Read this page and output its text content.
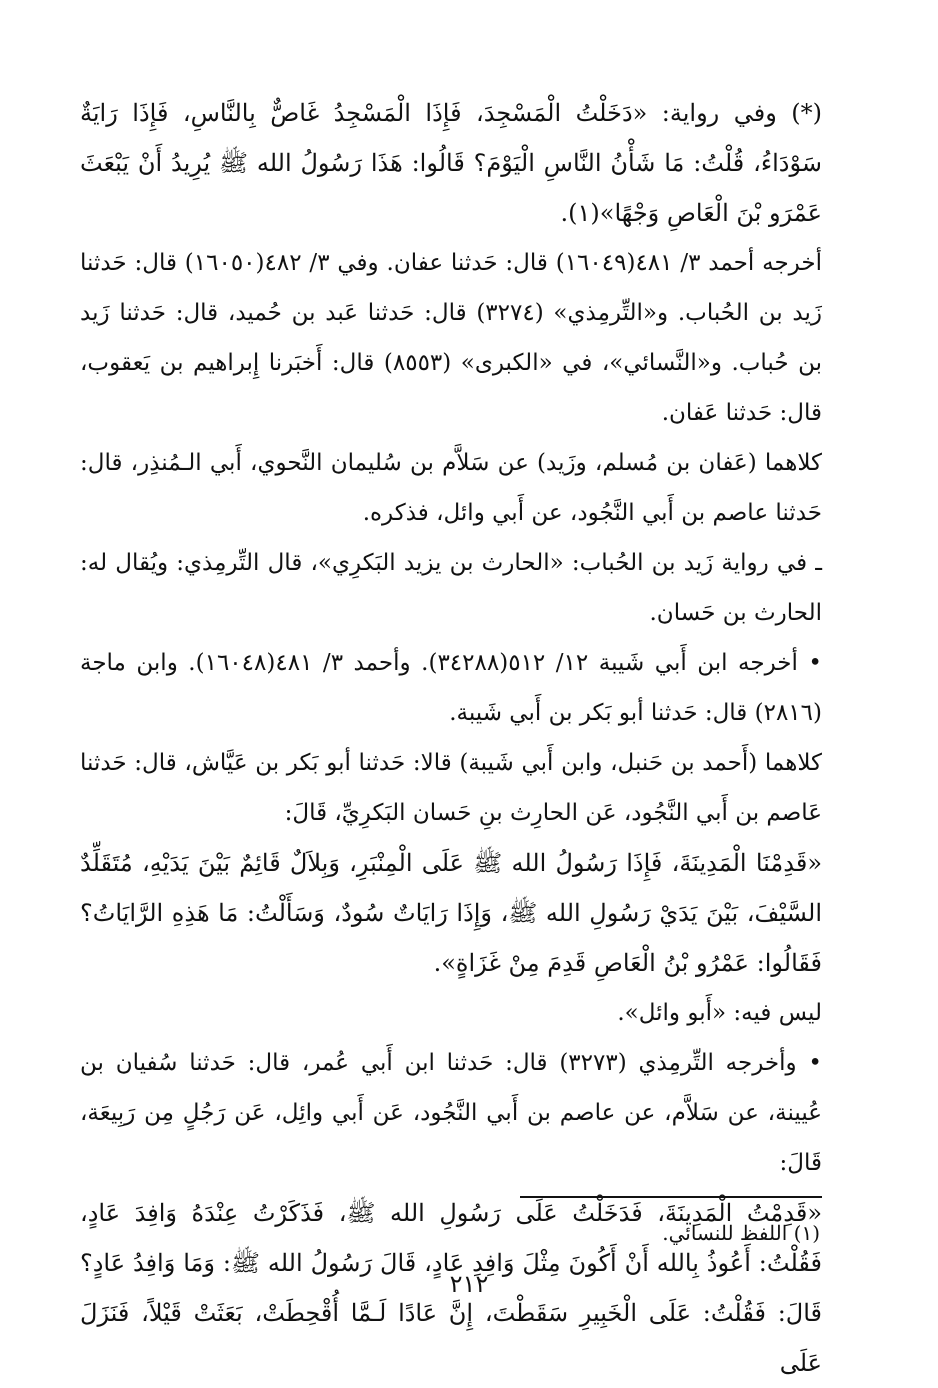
(*) وفي رواية: «دَخَلْتُ الْمَسْجِدَ، فَإِذَا الْمَسْجِدُ غَاصٌّ بِالنَّاسِ، فَإِذَا رَايَةٌ سَوْدَاءُ، قُلْتُ: مَا شَأْنُ النَّاسِ الْيَوْمَ؟ قَالُوا: هَذَا رَسُولُ الله ﷺ يُرِيدُ أَنْ يَبْعَثَ عَمْرَو بْنَ الْعَاصِ وَجْهًا»(١).

أخرجه أحمد ٣/ ٤٨١(١٦٠٤٩) قال: حَدثنا عفان. وفي ٣/ ٤٨٢(١٦٠٥٠) قال: حَدثنا زَيد بن الحُباب. و«التِّرمِذي» (٣٢٧٤) قال: حَدثنا عَبد بن حُميد، قال: حَدثنا زَيد بن حُباب. و«النَّسائي»، في «الكبرى» (٨٥٥٣) قال: أَخبَرنا إِبراهيم بن يَعقوب، قال: حَدثنا عَفان.

كلاهما (عَفان بن مُسلم، وزَيد) عن سَلاَّم بن سُليمان النَّحوي، أَبي الـمُنذِر، قال: حَدثنا عاصم بن أَبي النَّجُود، عن أَبي وائل، فذكره.

ـ في رواية زَيد بن الحُباب: «الحارث بن يزيد البَكرِي»، قال التِّرمِذي: ويُقال له: الحارث بن حَسان.

• أخرجه ابن أَبي شَيبة ١٢/ ٥١٢(٣٤٢٨٨). وأحمد ٣/ ٤٨١(١٦٠٤٨). وابن ماجة (٢٨١٦) قال: حَدثنا أبو بَكر بن أَبي شَيبة.

كلاهما (أَحمد بن حَنبل، وابن أَبي شَيبة) قالا: حَدثنا أبو بَكر بن عَيَّاش، قال: حَدثنا عَاصم بن أَبي النَّجُود، عَن الحارِث بنِ حَسان البَكرِيِّ، قَالَ:

«قَدِمْنَا الْمَدِينَةَ، فَإِذَا رَسُولُ الله ﷺ عَلَى الْمِنْبَرِ، وَبِلاَلٌ قَائِمٌ بَيْنَ يَدَيْهِ، مُتَقَلِّدٌ السَّيْفَ، بَيْنَ يَدَيْ رَسُولِ الله ﷺ، وَإِذَا رَايَاتٌ سُودٌ، وَسَأَلْتُ: مَا هَذِهِ الرَّايَاتُ؟ فَقَالُوا: عَمْرُو بْنُ الْعَاصِ قَدِمَ مِنْ غَزَاةٍ».

ليس فيه: «أَبو وائل».

• وأخرجه التِّرمِذي (٣٢٧٣) قال: حَدثنا ابن أَبي عُمر، قال: حَدثنا سُفيان بن عُيينة، عن سَلاَّم، عن عاصم بن أَبي النَّجُود، عَن أَبي وائِل، عَن رَجُلٍ مِن رَبِيعَة، قَالَ:

«قَدِمْتُ الْمَدِينَةَ، فَدَخَلْتُ عَلَى رَسُولِ الله ﷺ، فَذَكَرْتُ عِنْدَهُ وَافِدَ عَادٍ، فَقُلْتُ: أَعُوذُ بِالله أَنْ أَكُونَ مِثْلَ وَافِدِ عَادٍ، قَالَ رَسُولُ الله ﷺ: وَمَا وَافِدُ عَادٍ؟ قَالَ: فَقُلْتُ: عَلَى الْخَبِيرِ سَقَطْتَ، إِنَّ عَادًا لَـمَّا أُقْحِطَتْ، بَعَثَتْ قَيْلاً، فَنَزَلَ عَلَى

(١) اللفظ للنسائي.
٢١٢
